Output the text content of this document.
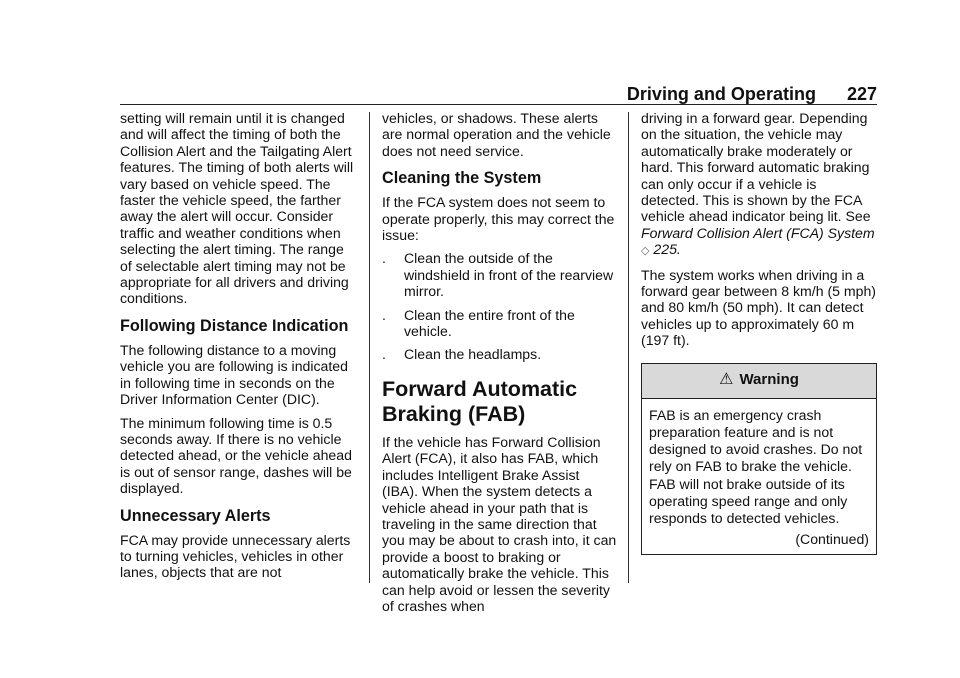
Driving and Operating 227

setting will remain until it is changed and will affect the timing of both the Collision Alert and the Tailgating Alert features. The timing of both alerts will vary based on vehicle speed. The faster the vehicle speed, the farther away the alert will occur. Consider traffic and weather conditions when selecting the alert timing. The range of selectable alert timing may not be appropriate for all drivers and driving conditions.

Following Distance Indication

The following distance to a moving vehicle you are following is indicated in following time in seconds on the Driver Information Center (DIC).

The minimum following time is 0.5 seconds away. If there is no vehicle detected ahead, or the vehicle ahead is out of sensor range, dashes will be displayed.

Unnecessary Alerts

FCA may provide unnecessary alerts to turning vehicles, vehicles in other lanes, objects that are not

vehicles, or shadows. These alerts are normal operation and the vehicle does not need service.

Cleaning the System

If the FCA system does not seem to operate properly, this may correct the issue:

.	Clean the outside of the windshield in front of the rearview mirror.
.	Clean the entire front of the vehicle.
.	Clean the headlamps.
Forward Automatic
Braking (FAB)

If the vehicle has Forward Collision Alert (FCA), it also has FAB, which includes Intelligent Brake Assist (IBA). When the system detects a vehicle ahead in your path that is traveling in the same direction that you may be about to crash into, it can provide a boost to braking or automatically brake the vehicle. This can help avoid or lessen the severity of crashes when

driving in a forward gear. Depending on the situation, the vehicle may automatically brake moderately or hard. This forward automatic braking can only occur if a vehicle is detected. This is shown by the FCA vehicle ahead indicator being lit. See Forward Collision Alert (FCA) System ◇ 225.

The system works when driving in a forward gear between 8 km/h (5 mph) and 80 km/h (50 mph). It can detect vehicles up to approximately 60 m (197 ft).

⚠ Warning
FAB is an emergency crash preparation feature and is not designed to avoid crashes. Do not rely on FAB to brake the vehicle. FAB will not brake outside of its operating speed range and only responds to detected vehicles.
(Continued)
